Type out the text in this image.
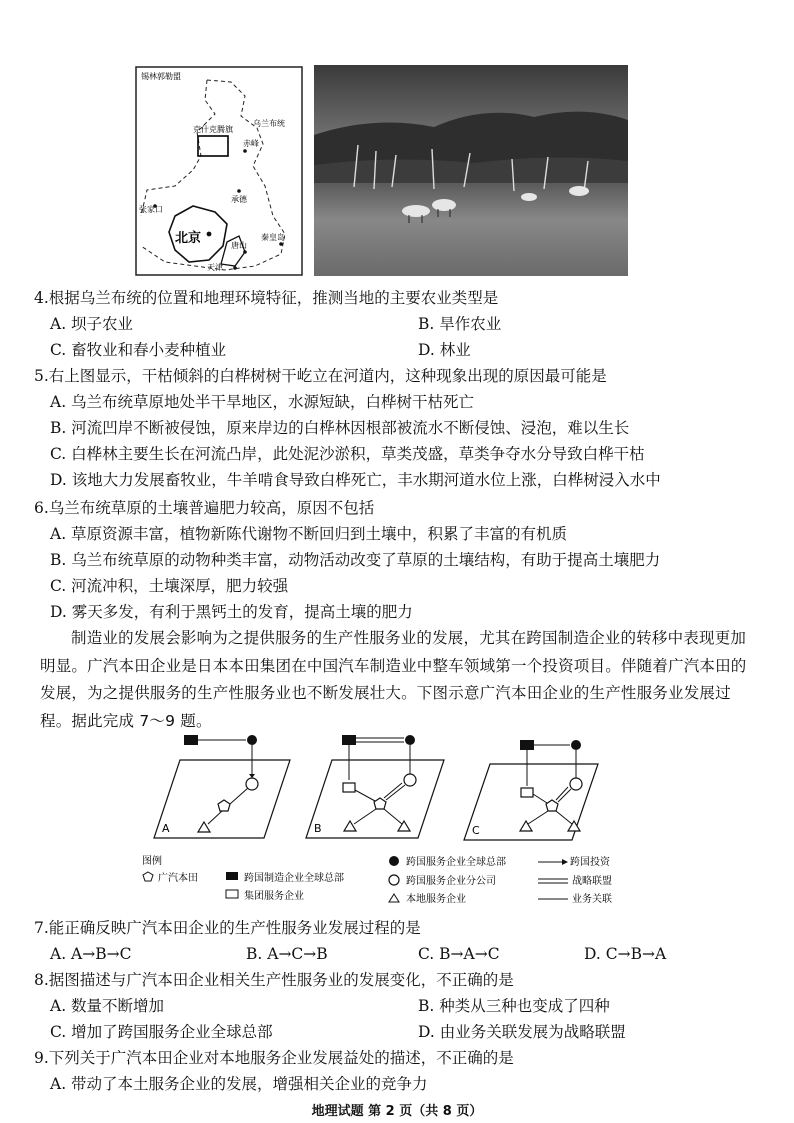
锡林郭勒盟
克什克腾旗
乌兰布统
赤峰
张家口
承德
北京	秦皇岛
唐山
天津
4.根据乌兰布统的位置和地理环境特征，推测当地的主要农业类型是
A. 坝子农业	B. 旱作农业
C. 畜牧业和春小麦种植业	D. 林业
5.右上图显示，干枯倾斜的白桦树树干屹立在河道内，这种现象出现的原因最可能是
A. 乌兰布统草原地处半干旱地区，水源短缺，白桦树干枯死亡
B. 河流凹岸不断被侵蚀，原来岸边的白桦林因根部被流水不断侵蚀、浸泡，难以生长
C. 白桦林主要生长在河流凸岸，此处泥沙淤积，草类茂盛，草类争夺水分导致白桦干枯
D. 该地大力发展畜牧业，牛羊啃食导致白桦死亡，丰水期河道水位上涨，白桦树浸入水中
6.乌兰布统草原的土壤普遍肥力较高，原因不包括
A. 草原资源丰富，植物新陈代谢物不断回归到土壤中，积累了丰富的有机质
B. 乌兰布统草原的动物种类丰富，动物活动改变了草原的土壤结构，有助于提高土壤肥力
C. 河流冲积，土壤深厚，肥力较强
D. 雾天多发，有利于黑钙土的发育，提高土壤的肥力
制造业的发展会影响为之提供服务的生产性服务业的发展，尤其在跨国制造企业的转移中表现更加明显。广汽本田企业是日本本田集团在中国汽车制造业中整车领域第一个投资项目。伴随着广汽本田的发展，为之提供服务的生产性服务业也不断发展壮大。下图示意广汽本田企业的生产性服务业发展过程。据此完成 7～9 题。
A	B	C
图例
广汽本田	跨国制造企业全球总部
集团服务企业
跨国服务企业全球总部
跨国服务企业分公司
本地服务企业
跨国投资
战略联盟
业务关联
7.能正确反映广汽本田企业的生产性服务业发展过程的是
A. A→B→C	B. A→C→B	C. B→A→C	D. C→B→A
8.据图描述与广汽本田企业相关生产性服务业的发展变化，不正确的是
A. 数量不断增加	B. 种类从三种也变成了四种
C. 增加了跨国服务企业全球总部	D. 由业务关联发展为战略联盟
9.下列关于广汽本田企业对本地服务企业发展益处的描述，不正确的是
A. 带动了本土服务企业的发展，增强相关企业的竞争力
地理试题 第 2 页（共 8 页）
